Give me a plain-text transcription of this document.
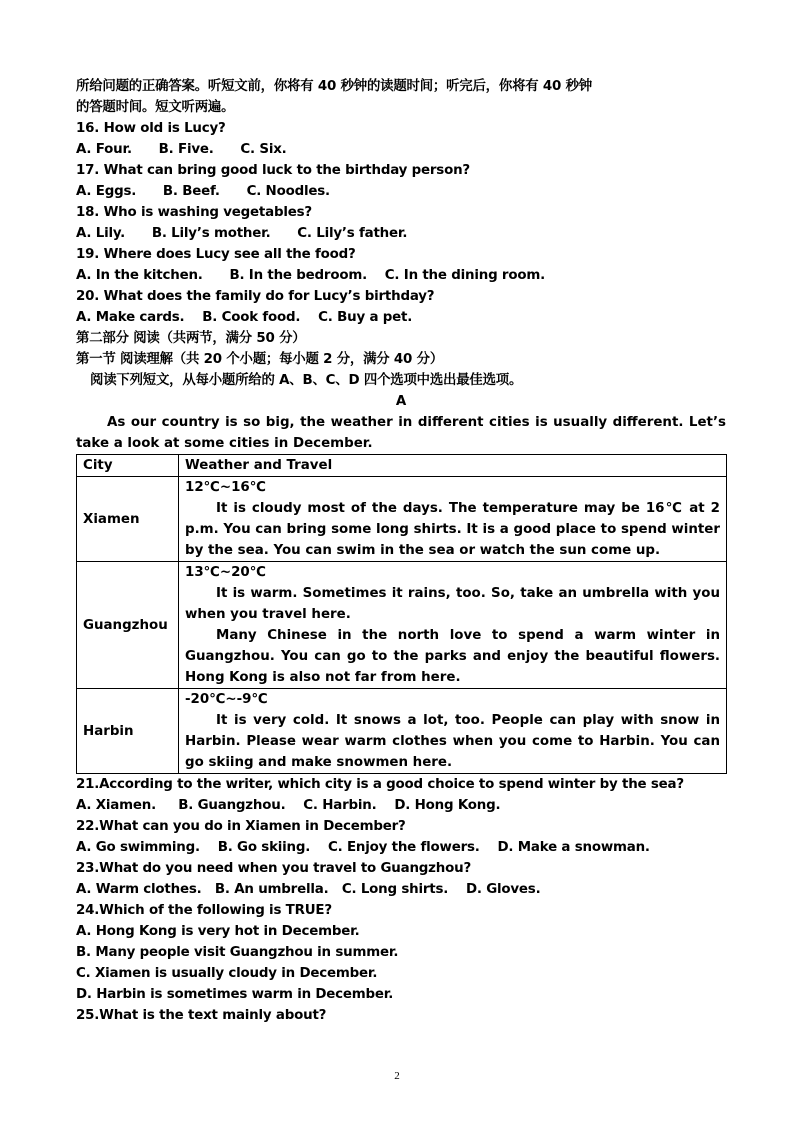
所给问题的正确答案。听短文前，你将有 40 秒钟的读题时间；听完后，你将有 40 秒钟
的答题时间。短文听两遍。
16. How old is Lucy?
A. Four.      B. Five.      C. Six.
17. What can bring good luck to the birthday person?
A. Eggs.      B. Beef.      C. Noodles.
18. Who is washing vegetables?
A. Lily.      B. Lily’s mother.      C. Lily’s father.
19. Where does Lucy see all the food?
A. In the kitchen.      B. In the bedroom.    C. In the dining room.
20. What does the family do for Lucy’s birthday?
A. Make cards.    B. Cook food.    C. Buy a pet.
第二部分 阅读（共两节，满分 50 分）
第一节 阅读理解（共 20 个小题；每小题 2 分，满分 40 分）
阅读下列短文，从每小题所给的 A、B、C、D 四个选项中选出最佳选项。
A
As our country is so big, the weather in different cities is usually different. Let’s take a look at some cities in December.
City	Weather and Travel
Xiamen	12℃~16℃
It is cloudy most of the days. The temperature may be 16℃ at 2 p.m. You can bring some long shirts. It is a good place to spend winter by the sea. You can swim in the sea or watch the sun come up.

Guangzhou	13℃~20℃
It is warm. Sometimes it rains, too. So, take an umbrella with you when you travel here.
Many Chinese in the north love to spend a warm winter in Guangzhou. You can go to the parks and enjoy the beautiful flowers. Hong Kong is also not far from here.

Harbin	-20℃~-9℃
It is very cold. It snows a lot, too. People can play with snow in Harbin. Please wear warm clothes when you come to Harbin. You can go skiing and make snowmen here.
21.According to the writer, which city is a good choice to spend winter by the sea?
A. Xiamen.     B. Guangzhou.    C. Harbin.    D. Hong Kong.
22.What can you do in Xiamen in December?
A. Go swimming.    B. Go skiing.    C. Enjoy the flowers.    D. Make a snowman.
23.What do you need when you travel to Guangzhou?
A. Warm clothes.   B. An umbrella.   C. Long shirts.    D. Gloves.
24.Which of the following is TRUE?
A. Hong Kong is very hot in December.
B. Many people visit Guangzhou in summer.
C. Xiamen is usually cloudy in December.
D. Harbin is sometimes warm in December.
25.What is the text mainly about?
2
